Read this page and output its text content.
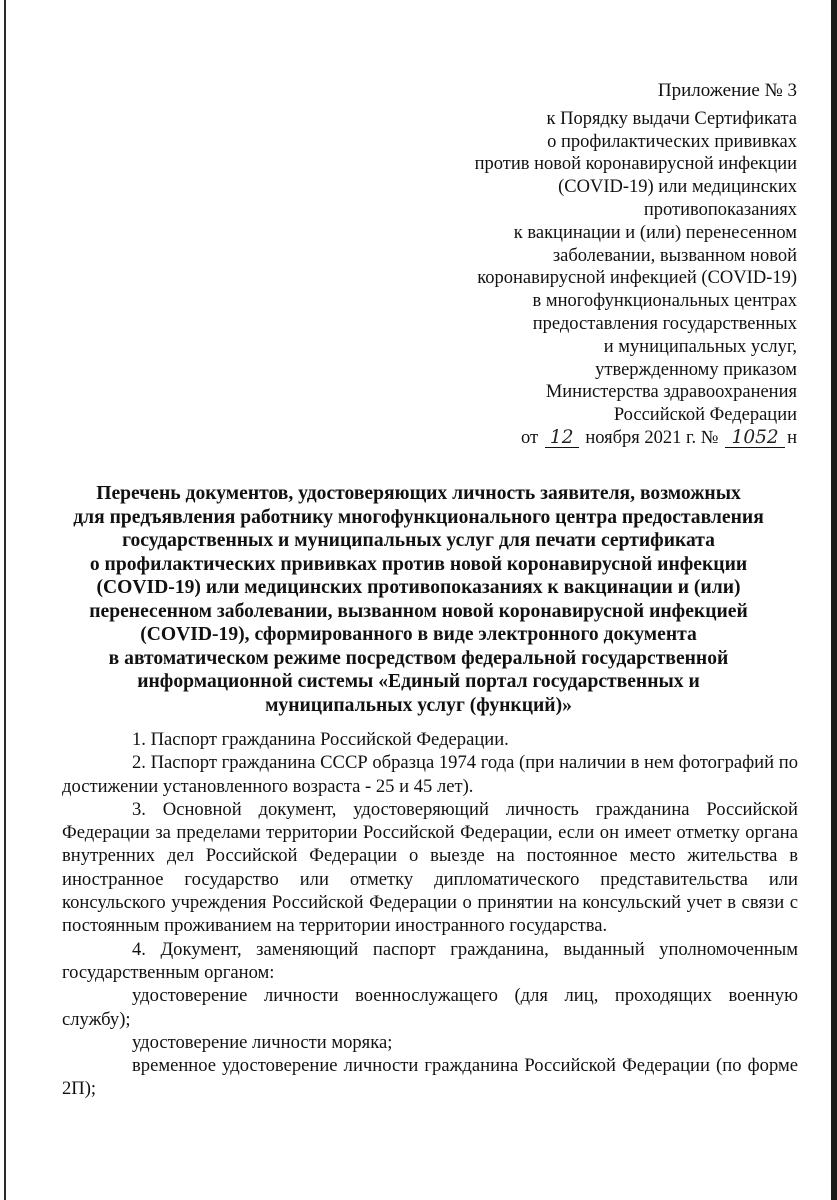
Приложение № 3
к Порядку выдачи Сертификата
о профилактических прививках
против новой коронавирусной инфекции
(COVID-19) или медицинских
противопоказаниях
к вакцинации и (или) перенесенном
заболевании, вызванном новой
коронавирусной инфекцией (COVID-19)
в многофункциональных центрах
предоставления государственных
и муниципальных услуг,
утвержденному приказом
Министерства здравоохранения
Российской Федерации
от 12 ноября 2021 г. № 1052 н
Перечень документов, удостоверяющих личность заявителя, возможных
для предъявления работнику многофункционального центра предоставления
государственных и муниципальных услуг для печати сертификата
о профилактических прививках против новой коронавирусной инфекции
(COVID-19) или медицинских противопоказаниях к вакцинации и (или)
перенесенном заболевании, вызванном новой коронавирусной инфекцией
(COVID-19), сформированного в виде электронного документа
в автоматическом режиме посредством федеральной государственной
информационной системы «Единый портал государственных и
муниципальных услуг (функций)»

1. Паспорт гражданина Российской Федерации.

2. Паспорт гражданина СССР образца 1974 года (при наличии в нем фотографий по достижении установленного возраста - 25 и 45 лет).

3. Основной документ, удостоверяющий личность гражданина Российской Федерации за пределами территории Российской Федерации, если он имеет отметку органа внутренних дел Российской Федерации о выезде на постоянное место жительства в иностранное государство или отметку дипломатического представительства или консульского учреждения Российской Федерации о принятии на консульский учет в связи с постоянным проживанием на территории иностранного государства.

4. Документ, заменяющий паспорт гражданина, выданный уполномоченным государственным органом:

удостоверение личности военнослужащего (для лиц, проходящих военную службу);

удостоверение личности моряка;

временное удостоверение личности гражданина Российской Федерации (по форме 2П);
